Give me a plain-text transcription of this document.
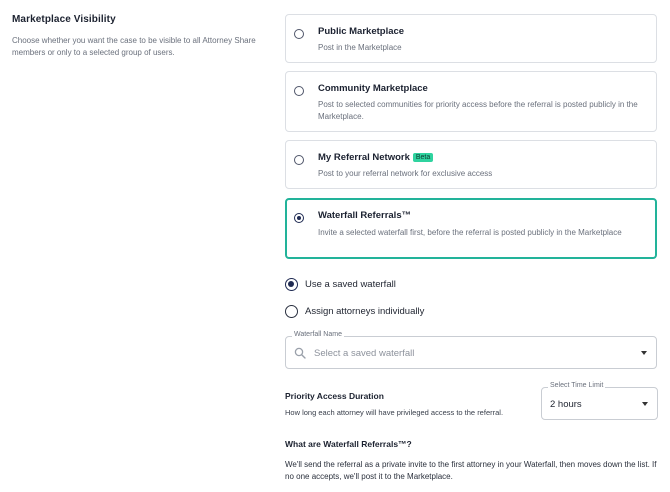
Marketplace Visibility

Choose whether you want the case to be visible to all Attorney Share members or only to a selected group of users.

Public Marketplace
Post in the Marketplace
Community Marketplace
Post to selected communities for priority access before the referral is posted publicly in the Marketplace.
My Referral Network Beta
Post to your referral network for exclusive access
Waterfall Referrals™
Invite a selected waterfall first, before the referral is posted publicly in the Marketplace
Use a saved waterfall
Assign attorneys individually
Waterfall Name
Select a saved waterfall
Priority Access Duration
How long each attorney will have privileged access to the referral.
Select Time Limit
2 hours
What are Waterfall Referrals™?
We'll send the referral as a private invite to the first attorney in your Waterfall, then moves down the list. If no one accepts, we'll post it to the Marketplace.
